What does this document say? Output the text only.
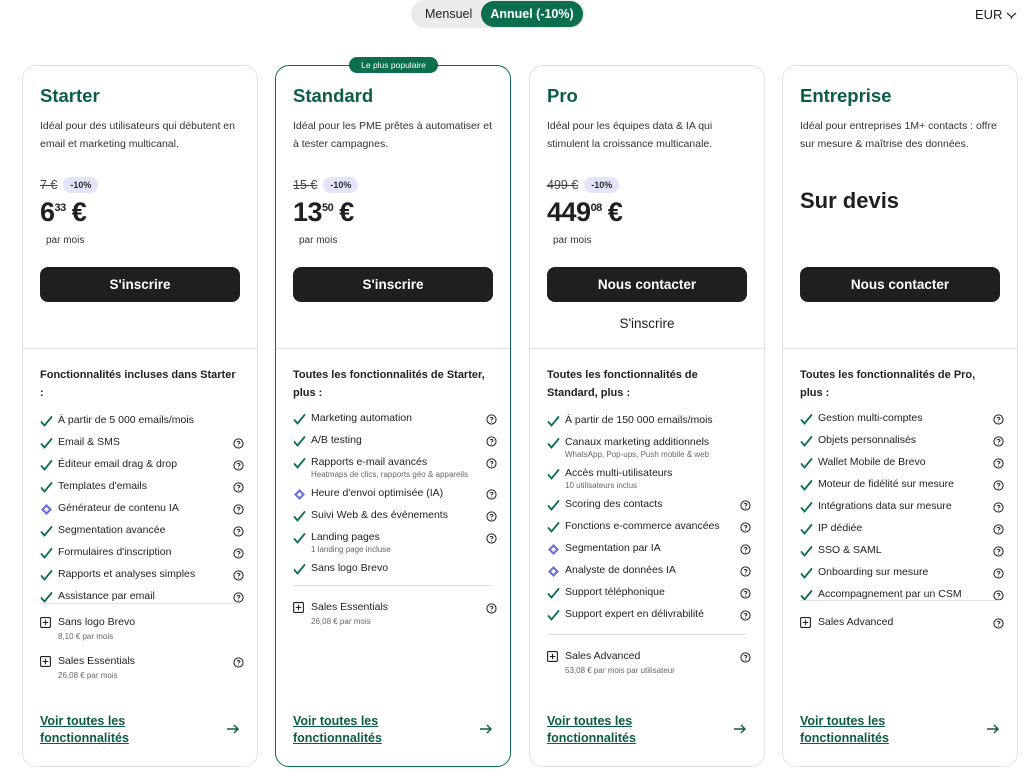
Mensuel	Annuel (-10%)	EUR
Starter
Idéal pour des utilisateurs qui débutent en email et marketing multicanal.
7 €	-10%
6 33 €
par mois
S'inscrire
Fonctionnalités incluses dans Starter :
À partir de 5 000 emails/mois
Email & SMS
Éditeur email drag & drop
Templates d'emails
Générateur de contenu IA
Segmentation avancée
Formulaires d'inscription
Rapports et analyses simples
Assistance par email
Sans logo Brevo
8,10 € par mois
Sales Essentials
26,08 € par mois
Voir toutes les fonctionnalités
Le plus populaire
Standard
Idéal pour les PME prêtes à automatiser et à tester campagnes.
15 €	-10%
13 50 €
par mois
S'inscrire
Toutes les fonctionnalités de Starter, plus :
Marketing automation
A/B testing
Rapports e-mail avancés
Heatmaps de clics, rapports géo & appareils
Heure d'envoi optimisée (IA)
Suivi Web & des événements
Landing pages
1 landing page incluse
Sans logo Brevo
Sales Essentials
26,08 € par mois
Voir toutes les fonctionnalités
Pro
Idéal pour les équipes data & IA qui stimulent la croissance multicanale.
499 €	-10%
449 08 €
par mois
Nous contacter
S'inscrire
Toutes les fonctionnalités de Standard, plus :
À partir de 150 000 emails/mois
Canaux marketing additionnels
WhatsApp, Pop-ups, Push mobile & web
Accès multi-utilisateurs
10 utilisateurs inclus
Scoring des contacts
Fonctions e-commerce avancées
Segmentation par IA
Analyste de données IA
Support téléphonique
Support expert en délivrabilité
Sales Advanced
53,08 € par mois par utilisateur
Voir toutes les fonctionnalités
Entreprise
Idéal pour entreprises 1M+ contacts : offre sur mesure & maîtrise des données.
Sur devis
Nous contacter
Toutes les fonctionnalités de Pro, plus :
Gestion multi-comptes
Objets personnalisés
Wallet Mobile de Brevo
Moteur de fidélité sur mesure
Intégrations data sur mesure
IP dédiée
SSO & SAML
Onboarding sur mesure
Accompagnement par un CSM
Sales Advanced
Voir toutes les fonctionnalités
